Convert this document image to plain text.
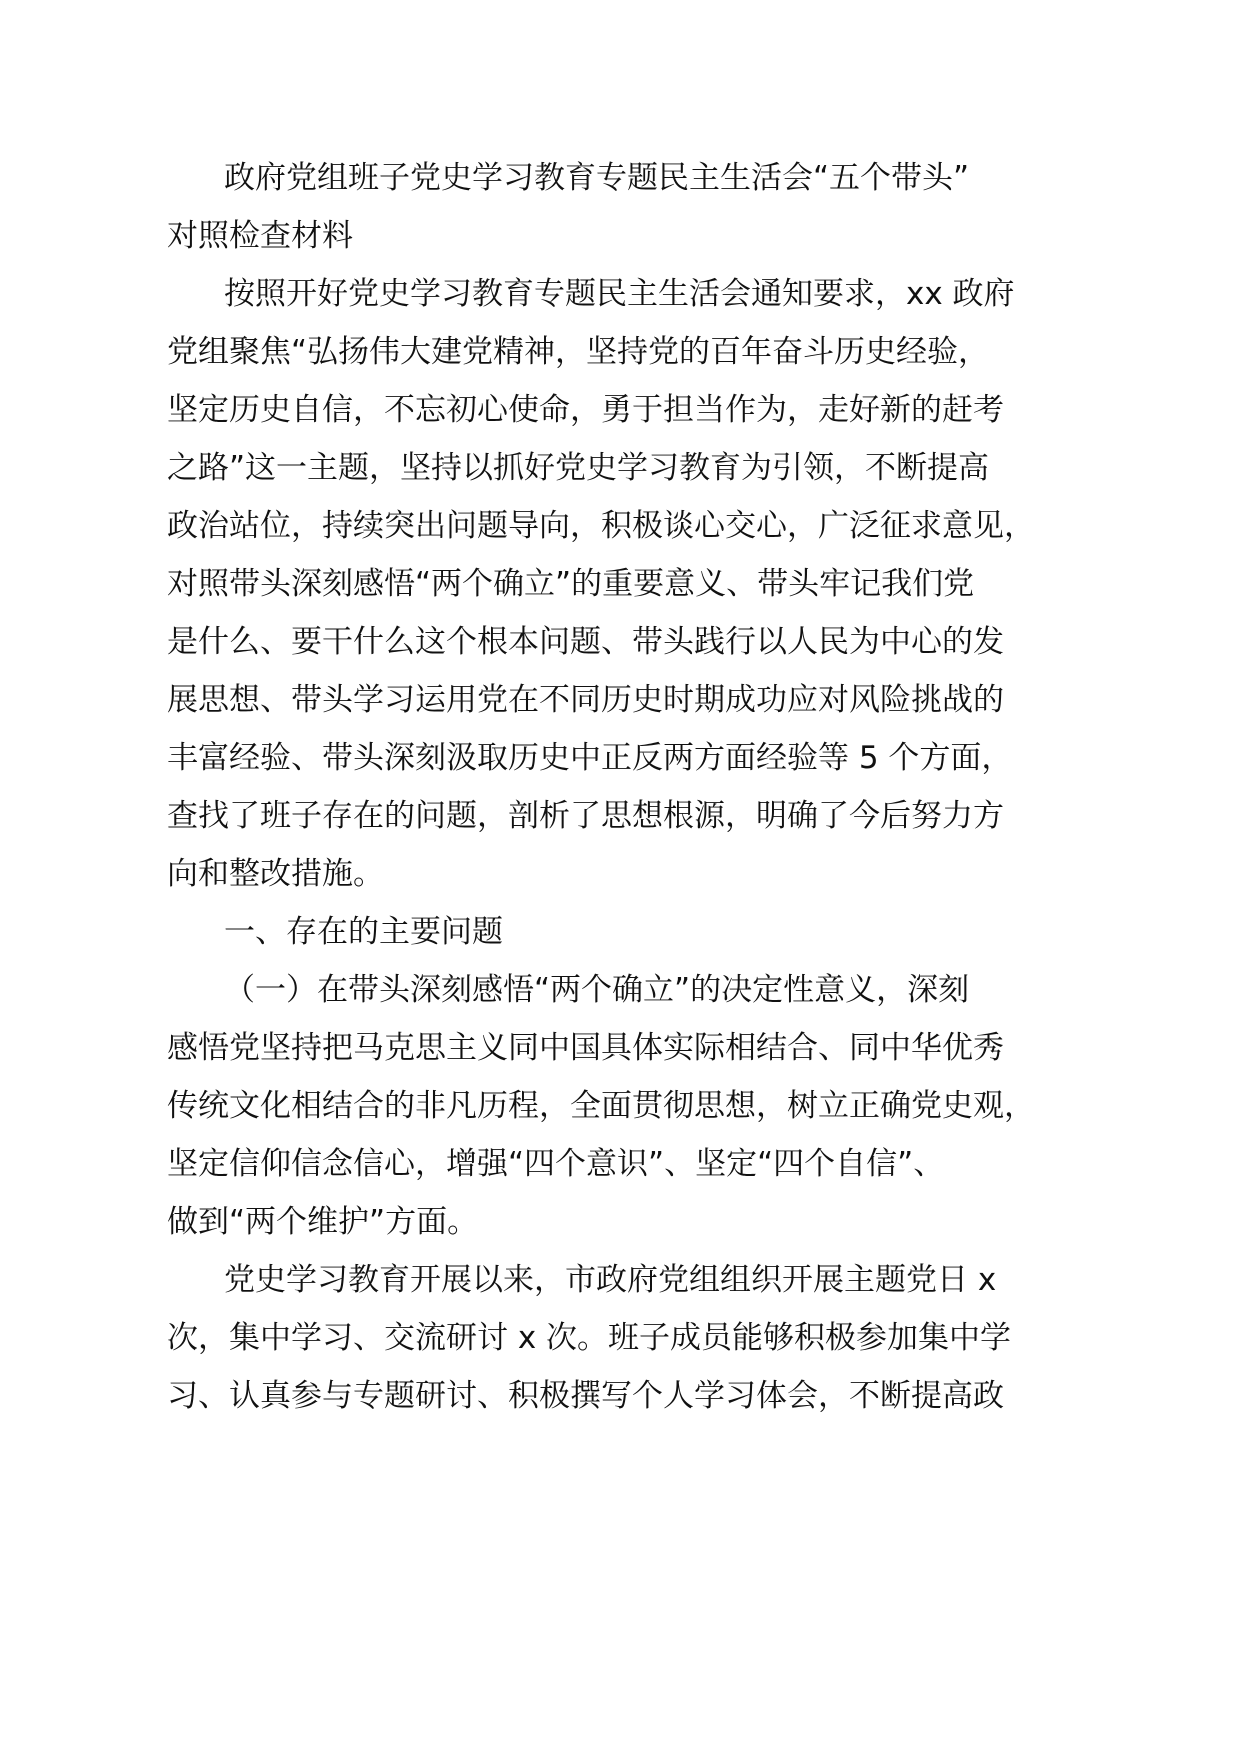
政府党组班子党史学习教育专题民主生活会“五个带头”

对照检查材料

按照开好党史学习教育专题民主生活会通知要求，xx 政府

党组聚焦“弘扬伟大建党精神，坚持党的百年奋斗历史经验，

坚定历史自信，不忘初心使命，勇于担当作为，走好新的赶考

之路”这一主题，坚持以抓好党史学习教育为引领，不断提高

政治站位，持续突出问题导向，积极谈心交心，广泛征求意见，

对照带头深刻感悟“两个确立”的重要意义、带头牢记我们党

是什么、要干什么这个根本问题、带头践行以人民为中心的发

展思想、带头学习运用党在不同历史时期成功应对风险挑战的

丰富经验、带头深刻汲取历史中正反两方面经验等 5 个方面，

查找了班子存在的问题，剖析了思想根源，明确了今后努力方

向和整改措施。

一、存在的主要问题

（一）在带头深刻感悟“两个确立”的决定性意义，深刻

感悟党坚持把马克思主义同中国具体实际相结合、同中华优秀

传统文化相结合的非凡历程，全面贯彻思想，树立正确党史观，

坚定信仰信念信心，增强“四个意识”、坚定“四个自信”、

做到“两个维护”方面。

党史学习教育开展以来，市政府党组组织开展主题党日 x

次，集中学习、交流研讨 x 次。班子成员能够积极参加集中学

习、认真参与专题研讨、积极撰写个人学习体会，不断提高政
